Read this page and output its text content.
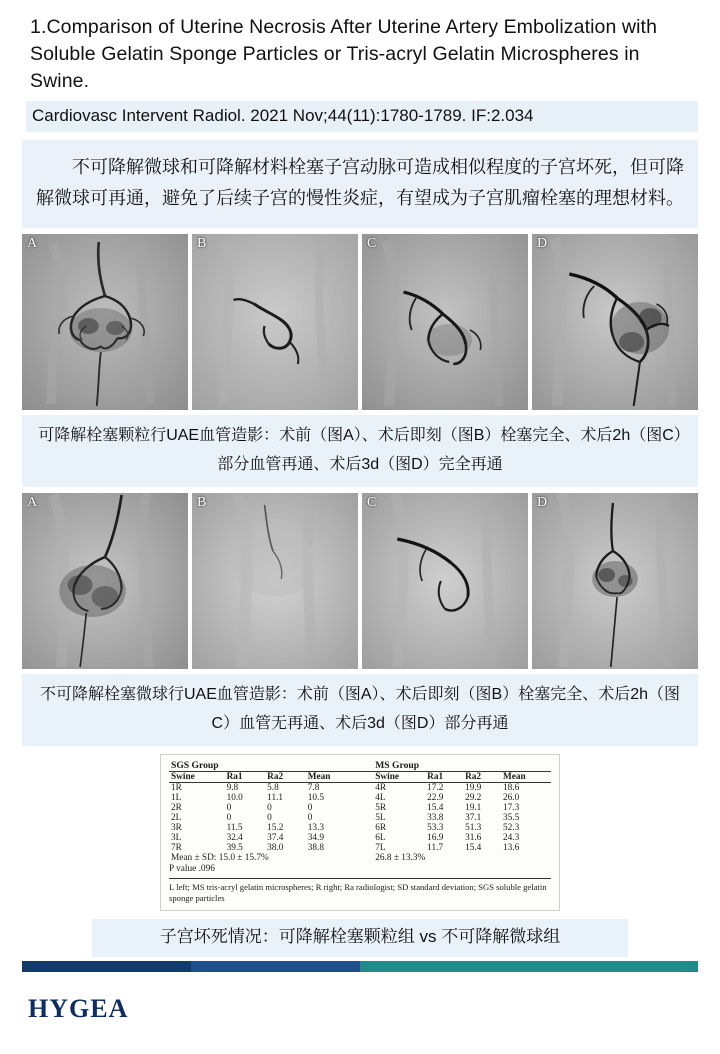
1.Comparison of Uterine Necrosis After Uterine Artery Embolization with Soluble Gelatin Sponge Particles or Tris-acryl Gelatin Microspheres in Swine.
Cardiovasc Intervent Radiol. 2021 Nov;44(11):1780-1789. IF:2.034
不可降解微球和可降解材料栓塞子宫动脉可造成相似程度的子宫坏死，但可降解微球可再通，避免了后续子宫的慢性炎症，有望成为子宫肌瘤栓塞的理想材料。
A	B	C	D
可降解栓塞颗粒行UAE血管造影：术前（图A）、术后即刻（图B）栓塞完全、术后2h（图C）部分血管再通、术后3d（图D）完全再通
A	B	C	D
不可降解栓塞微球行UAE血管造影：术前（图A）、术后即刻（图B）栓塞完全、术后2h（图C）血管无再通、术后3d（图D）部分再通
SGS Group					MS Group			
Swine	Ra1	Ra2	Mean		Swine	Ra1	Ra2	Mean
1R	9.8	5.8	7.8		4R	17.2	19.9	18.6
1L	10.0	11.1	10.5		4L	22.9	29.2	26.0
2R	0	0	0		5R	15.4	19.1	17.3
2L	0	0	0		5L	33.8	37.1	35.5
3R	11.5	15.2	13.3		6R	53.3	51.3	52.3
3L	32.4	37.4	34.9		6L	16.9	31.6	24.3
7R	39.5	38.0	38.8		7L	11.7	15.4	13.6
Mean ± SD: 15.0 ± 15.7%					26.8 ± 13.3%			
P value .096
L left; MS tris-acryl gelatin microspheres; R right; Ra radiologist; SD standard deviation; SGS soluble gelatin sponge particles
子宫坏死情况：可降解栓塞颗粒组 vs 不可降解微球组
HYGEA
